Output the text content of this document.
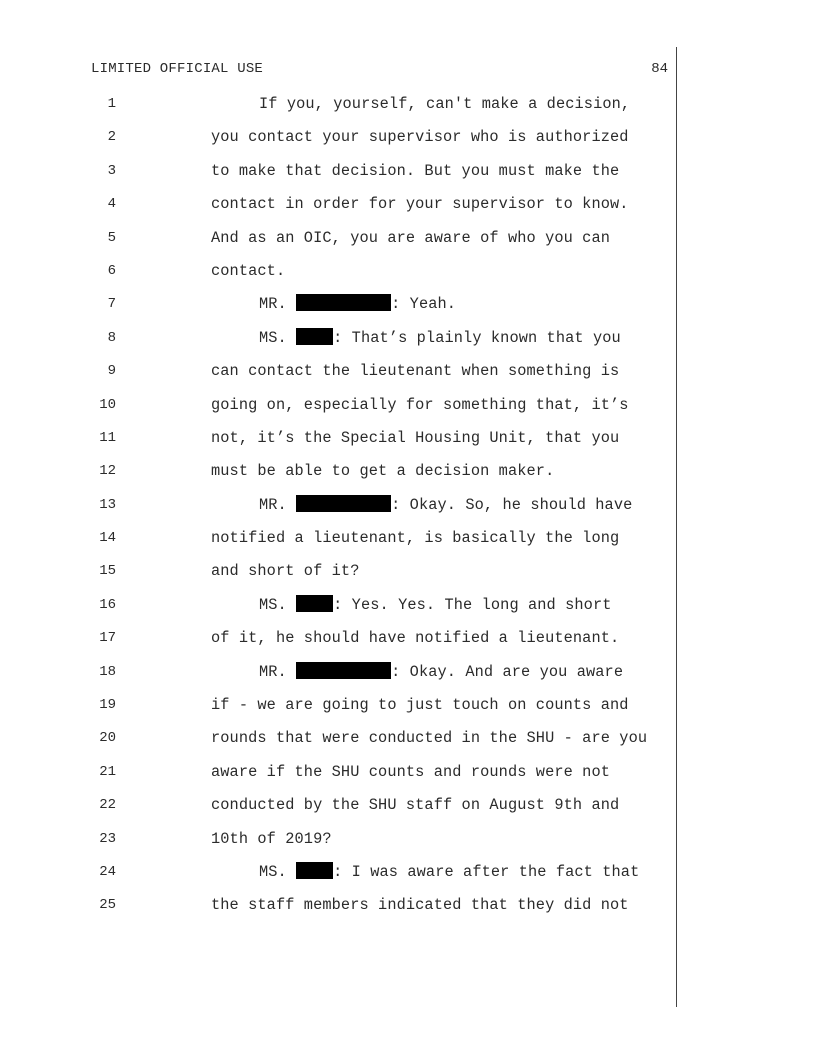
LIMITED OFFICIAL USE	84
1	If you, yourself, can't make a decision,
2	you contact your supervisor who is authorized
3	to make that decision. But you must make the
4	contact in order for your supervisor to know.
5	And as an OIC, you are aware of who you can
6	contact.
7	MR.	: Yeah.
8	MS.	: That’s plainly known that you
9	can contact the lieutenant when something is
10	going on, especially for something that, it’s
11	not, it’s the Special Housing Unit, that you
12	must be able to get a decision maker.
13	MR.	: Okay. So, he should have
14	notified a lieutenant, is basically the long
15	and short of it?
16	MS.	: Yes. Yes. The long and short
17	of it, he should have notified a lieutenant.
18	MR.	: Okay. And are you aware
19	if - we are going to just touch on counts and
20	rounds that were conducted in the SHU - are you
21	aware if the SHU counts and rounds were not
22	conducted by the SHU staff on August 9th and
23	10th of 2019?
24	MS.	: I was aware after the fact that
25	the staff members indicated that they did not
